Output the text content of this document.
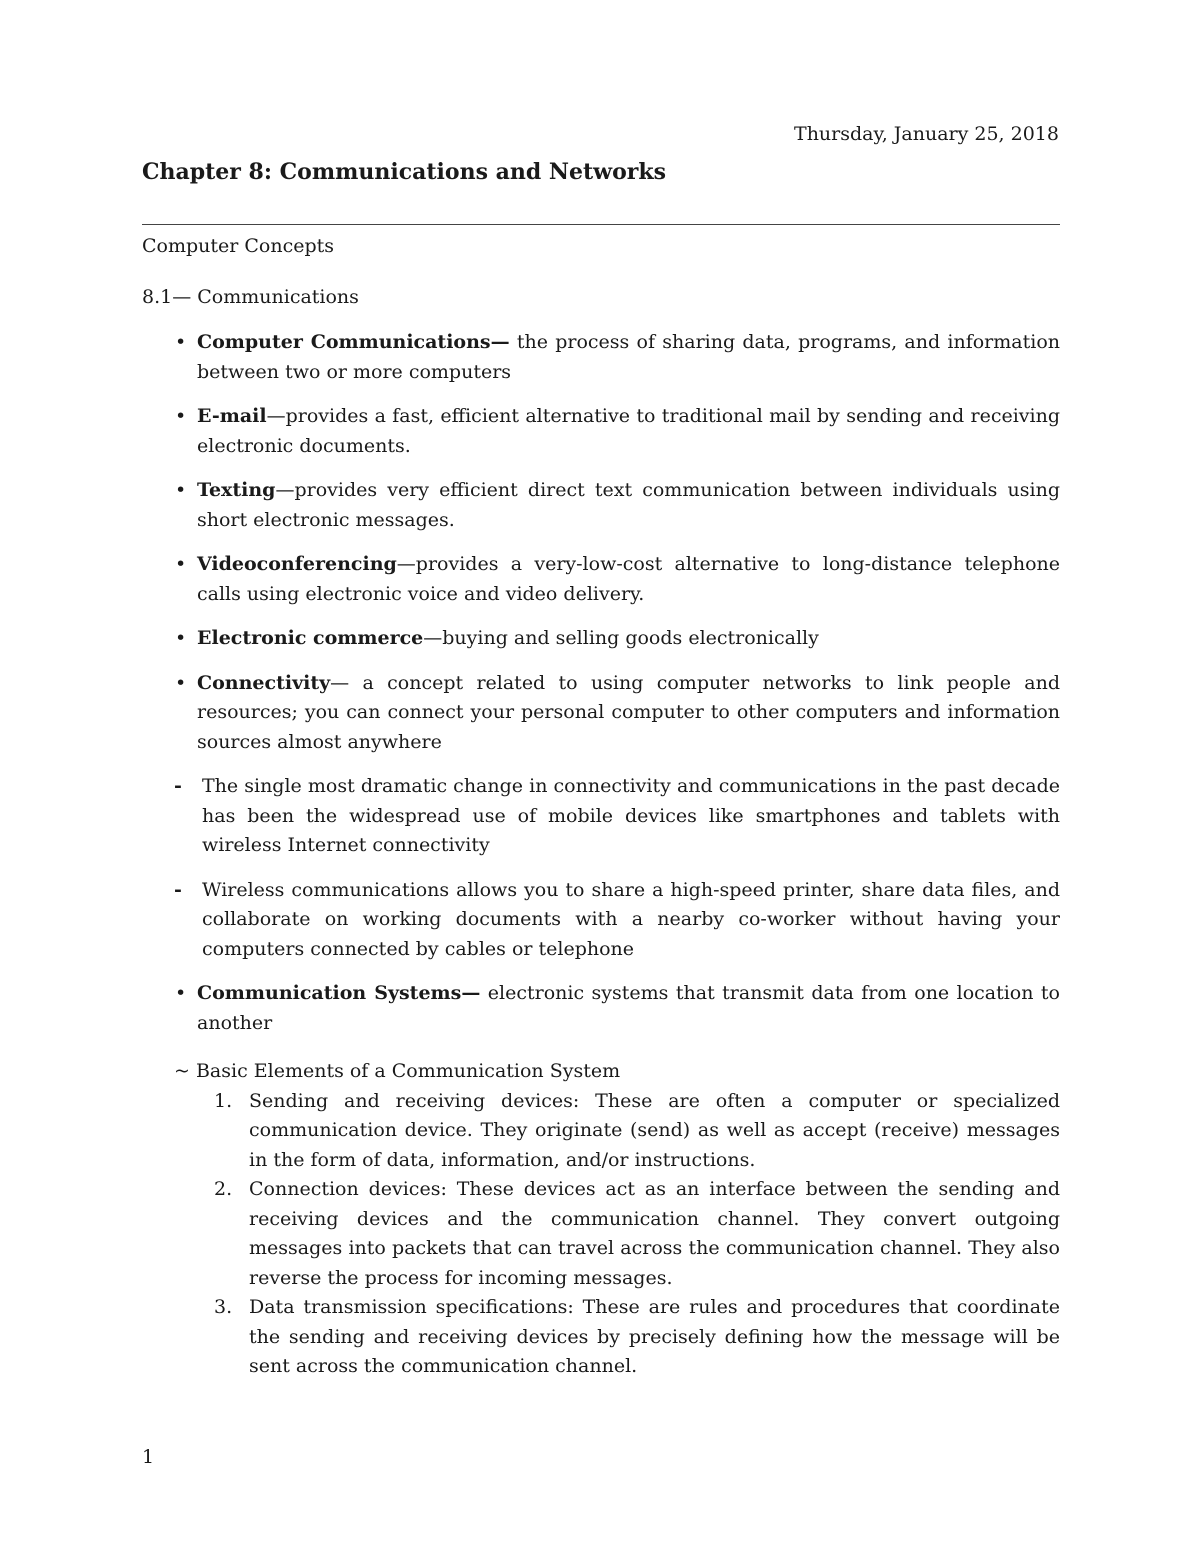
Thursday, January 25, 2018
Chapter 8: Communications and Networks
Computer Concepts
8.1— Communications
• Computer Communications— the process of sharing data, programs, and information between two or more computers
• E-mail—provides a fast, efficient alternative to traditional mail by sending and receiving electronic documents.
• Texting—provides very efficient direct text communication between individuals using short electronic messages.
• Videoconferencing—provides a very-low-cost alternative to long-distance telephone calls using electronic voice and video delivery.
• Electronic commerce—buying and selling goods electronically
• Connectivity— a concept related to using computer networks to link people and resources; you can connect your personal computer to other computers and information sources almost anywhere
- The single most dramatic change in connectivity and communications in the past decade has been the widespread use of mobile devices like smartphones and tablets with wireless Internet connectivity
- Wireless communications allows you to share a high-speed printer, share data files, and collaborate on working documents with a nearby co-worker without having your computers connected by cables or telephone
• Communication Systems— electronic systems that transmit data from one location to another
~ Basic Elements of a Communication System
1. Sending and receiving devices: These are often a computer or specialized communication device. They originate (send) as well as accept (receive) messages in the form of data, information, and/or instructions.
2. Connection devices: These devices act as an interface between the sending and receiving devices and the communication channel. They convert outgoing messages into packets that can travel across the communication channel. They also reverse the process for incoming messages.
3. Data transmission specifications: These are rules and procedures that coordinate the sending and receiving devices by precisely defining how the message will be sent across the communication channel.
1
